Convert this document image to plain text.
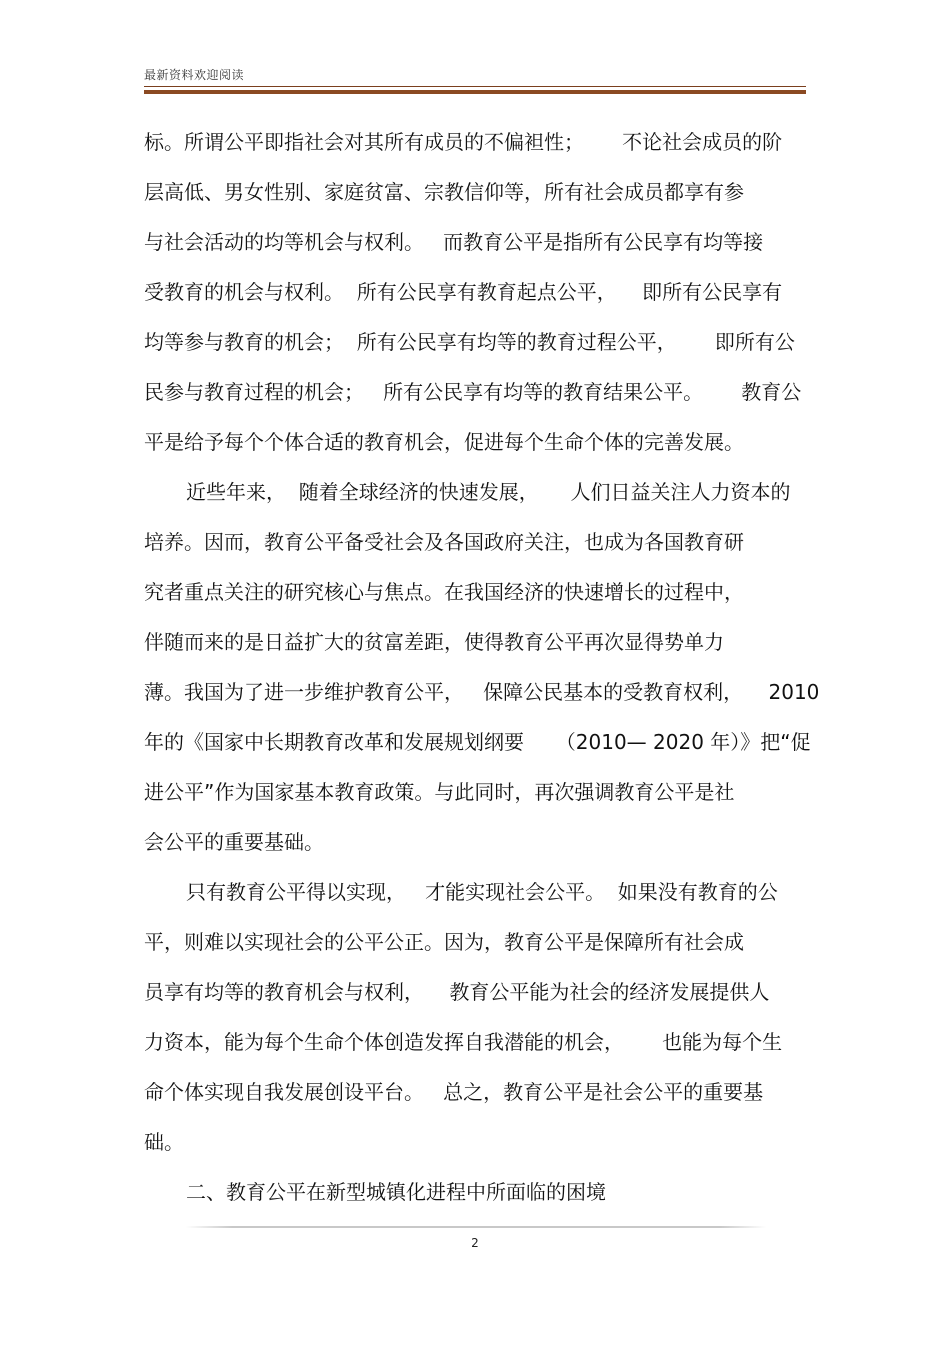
最新资料欢迎阅读
标。所谓公平即指社会对其所有成员的不偏袒性；      不论社会成员的阶
层高低、男女性别、家庭贫富、宗教信仰等，所有社会成员都享有参
与社会活动的均等机会与权利。   而教育公平是指所有公民享有均等接
受教育的机会与权利。  所有公民享有教育起点公平，    即所有公民享有
均等参与教育的机会；  所有公民享有均等的教育过程公平，      即所有公
民参与教育过程的机会；   所有公民享有均等的教育结果公平。      教育公
平是给予每个个体合适的教育机会，促进每个生命个体的完善发展。
近些年来，  随着全球经济的快速发展，     人们日益关注人力资本的
培养。因而，教育公平备受社会及各国政府关注，也成为各国教育研
究者重点关注的研究核心与焦点。在我国经济的快速增长的过程中，
伴随而来的是日益扩大的贫富差距，使得教育公平再次显得势单力
薄。我国为了进一步维护教育公平，   保障公民基本的受教育权利，    2010
年的《国家中长期教育改革和发展规划纲要     （2010— 2020 年）》把“促
进公平”作为国家基本教育政策。与此同时，再次强调教育公平是社
会公平的重要基础。
只有教育公平得以实现，   才能实现社会公平。  如果没有教育的公
平，则难以实现社会的公平公正。因为，教育公平是保障所有社会成
员享有均等的教育机会与权利，    教育公平能为社会的经济发展提供人
力资本，能为每个生命个体创造发挥自我潜能的机会，      也能为每个生
命个体实现自我发展创设平台。   总之，教育公平是社会公平的重要基
础。
二、教育公平在新型城镇化进程中所面临的困境
2
